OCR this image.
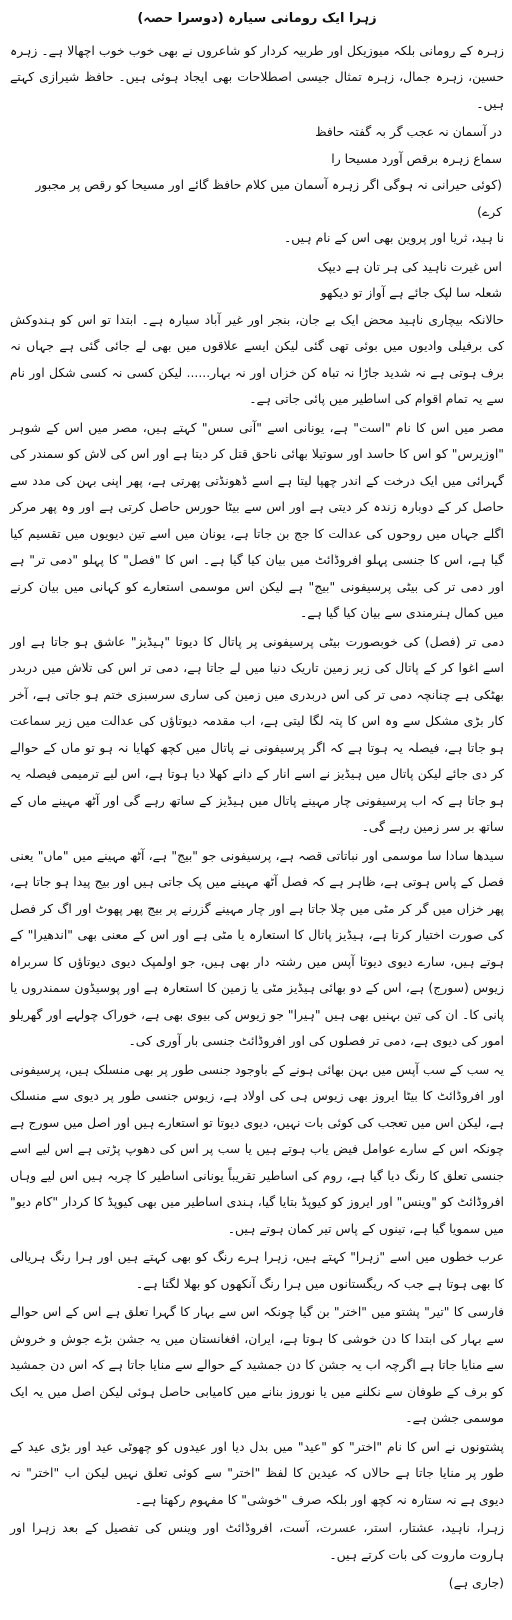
زہرا ایک رومانی سیارہ (دوسرا حصہ)

زہرہ کے رومانی بلکہ میوزیکل اور طربیہ کردار کو شاعروں نے بھی خوب خوب اچھالا ہے۔ زہرہ حسین، زہرہ جمال، زہرہ تمثال جیسی اصطلاحات بھی ایجاد ہوئی ہیں۔ حافظ شیرازی کہتے ہیں۔

در آسمان نہ عجب گر بہ گفتہ حافظ

سماع زہرہ برقص آورد مسیحا را

(کوئی حیرانی نہ ہوگی اگر زہرہ آسمان میں کلام حافظ گائے اور مسیحا کو رقص پر مجبور کرے)

نا ہید، ثریا اور پروین بھی اس کے نام ہیں۔

اس غیرت ناہید کی ہر تان ہے دیپک

شعلہ سا لپک جائے ہے آواز تو دیکھو

حالانکہ بیچاری ناہید محض ایک بے جان، بنجر اور غیر آباد سیارہ ہے۔ ابتدا تو اس کو ہندوکش کی برفیلی وادیوں میں بوئی تھی گئی لیکن ایسے علاقوں میں بھی لے جائی گئی ہے جہاں نہ برف ہوتی ہے نہ شدید جاڑا نہ تباہ کن خزاں اور نہ بہار...... لیکن کسی نہ کسی شکل اور نام سے یہ تمام اقوام کی اساطیر میں پائی جاتی ہے۔

مصر میں اس کا نام "است" ہے، یونانی اسے "آنی سس" کہتے ہیں، مصر میں اس کے شوہر "اوزیرس" کو اس کا حاسد اور سوتیلا بھائی ناحق قتل کر دیتا ہے اور اس کی لاش کو سمندر کی گہرائی میں ایک درخت کے اندر چھپا لیتا ہے اسے ڈھونڈتی پھرتی ہے، پھر اپنی بہن کی مدد سے حاصل کر کے دوبارہ زندہ کر دیتی ہے اور اس سے بیٹا حورس حاصل کرتی ہے اور وہ پھر مرکر اگلے جہاں میں روحوں کی عدالت کا جج بن جاتا ہے، یونان میں اسے تین دیویوں میں تقسیم کیا گیا ہے، اس کا جنسی پہلو افروڈائٹ میں بیان کیا گیا ہے۔ اس کا "فصل" کا پہلو "دمی تر" ہے اور دمی تر کی بیٹی پرسیفونی "بیج" ہے لیکن اس موسمی استعارے کو کہانی میں بیان کرنے میں کمال ہنرمندی سے بیان کیا گیا ہے۔

دمی تر (فصل) کی خوبصورت بیٹی پرسیفونی پر پاتال کا دیوتا "ہیڈیز" عاشق ہو جاتا ہے اور اسے اغوا کر کے پاتال کی زیر زمین تاریک دنیا میں لے جاتا ہے، دمی تر اس کی تلاش میں دربدر بھٹکی ہے چنانچہ دمی تر کی اس دربدری میں زمین کی ساری سرسبزی ختم ہو جاتی ہے، آخر کار بڑی مشکل سے وہ اس کا پتہ لگا لیتی ہے، اب مقدمہ دیوتاؤں کی عدالت میں زیر سماعت ہو جاتا ہے، فیصلہ یہ ہوتا ہے کہ اگر پرسیفونی نے پاتال میں کچھ کھایا نہ ہو تو ماں کے حوالے کر دی جائے لیکن پاتال میں ہیڈیز نے اسے انار کے دانے کھلا دیا ہوتا ہے، اس لیے ترمیمی فیصلہ یہ ہو جاتا ہے کہ اب پرسیفونی چار مہینے پاتال میں ہیڈیز کے ساتھ رہے گی اور آٹھ مہینے ماں کے ساتھ بر سر زمین رہے گی۔

سیدھا سادا سا موسمی اور نباتاتی قصہ ہے، پرسیفونی جو "بیج" ہے، آٹھ مہینے میں "ماں" یعنی فصل کے پاس ہوتی ہے، ظاہر ہے کہ فصل آٹھ مہینے میں پک جاتی ہیں اور بیج پیدا ہو جاتا ہے، پھر خزاں میں گر کر مٹی میں چلا جاتا ہے اور چار مہینے گزرنے پر بیج پھر پھوٹ اور اگ کر فصل کی صورت اختیار کرتا ہے، ہیڈیز پاتال کا استعارہ یا مٹی ہے اور اس کے معنی بھی "اندھیرا" کے ہوتے ہیں، سارے دیوی دیوتا آپس میں رشتہ دار بھی ہیں، جو اولمپک دیوی دیوتاؤں کا سربراہ زیوس (سورج) ہے، اس کے دو بھائی ہیڈیز مٹی یا زمین کا استعارہ ہے اور پوسیڈون سمندروں یا پانی کا۔ ان کی تین بہنیں بھی ہیں "ہیرا" جو زیوس کی بیوی بھی ہے، خوراک چولہے اور گھریلو امور کی دیوی ہے، دمی تر فصلوں کی اور افروڈائٹ جنسی بار آوری کی۔

یہ سب کے سب آپس میں بہن بھائی ہونے کے باوجود جنسی طور پر بھی منسلک ہیں، پرسیفونی اور افروڈائٹ کا بیٹا ایروز بھی زیوس ہی کی اولاد ہے، زیوس جنسی طور پر دیوی سے منسلک ہے، لیکن اس میں تعجب کی کوئی بات نہیں، دیوی دیوتا تو استعارے ہیں اور اصل میں سورج ہے چونکہ اس کے سارے عوامل فیض یاب ہوتے ہیں یا سب پر اس کی دھوپ پڑتی ہے اس لیے اسے جنسی تعلق کا رنگ دیا گیا ہے، روم کی اساطیر تقریباً یونانی اساطیر کا چربہ ہیں اس لیے وہاں افروڈائٹ کو "وینس" اور ایروز کو کیوپڈ بتایا گیا، ہندی اساطیر میں بھی کیوپڈ کا کردار "کام دیو" میں سمویا گیا ہے، تینوں کے پاس تیر کمان ہوتے ہیں۔

عرب خطوں میں اسے "زہرا" کہتے ہیں، زہرا ہرے رنگ کو بھی کہتے ہیں اور ہرا رنگ ہریالی کا بھی ہوتا ہے جب کہ ریگستانوں میں ہرا رنگ آنکھوں کو بھلا لگتا ہے۔

فارسی کا "تیر" پشتو میں "اختر" بن گیا چونکہ اس سے بہار کا گہرا تعلق ہے اس کے اس حوالے سے بہار کی ابتدا کا دن خوشی کا ہوتا ہے، ایران، افغانستان میں یہ جشن بڑے جوش و خروش سے منایا جاتا ہے اگرچہ اب یہ جشن کا دن جمشید کے حوالے سے منایا جاتا ہے کہ اس دن جمشید کو برف کے طوفان سے نکلنے میں یا نوروز بنانے میں کامیابی حاصل ہوئی لیکن اصل میں یہ ایک موسمی جشن ہے۔

پشتونوں نے اس کا نام "اختر" کو "عید" میں بدل دیا اور عیدوں کو چھوٹی عید اور بڑی عید کے طور پر منایا جاتا ہے حالاں کہ عیدین کا لفظ "اختر" سے کوئی تعلق نہیں لیکن اب "اختر" نہ دیوی ہے نہ ستارہ نہ کچھ اور بلکہ صرف "خوشی" کا مفہوم رکھتا ہے۔

زہرا، ناہید، عشتار، استر، عسرت، آست، افروڈائٹ اور وینس کی تفصیل کے بعد زہرا اور ہاروت ماروت کی بات کرتے ہیں۔

(جاری ہے)
